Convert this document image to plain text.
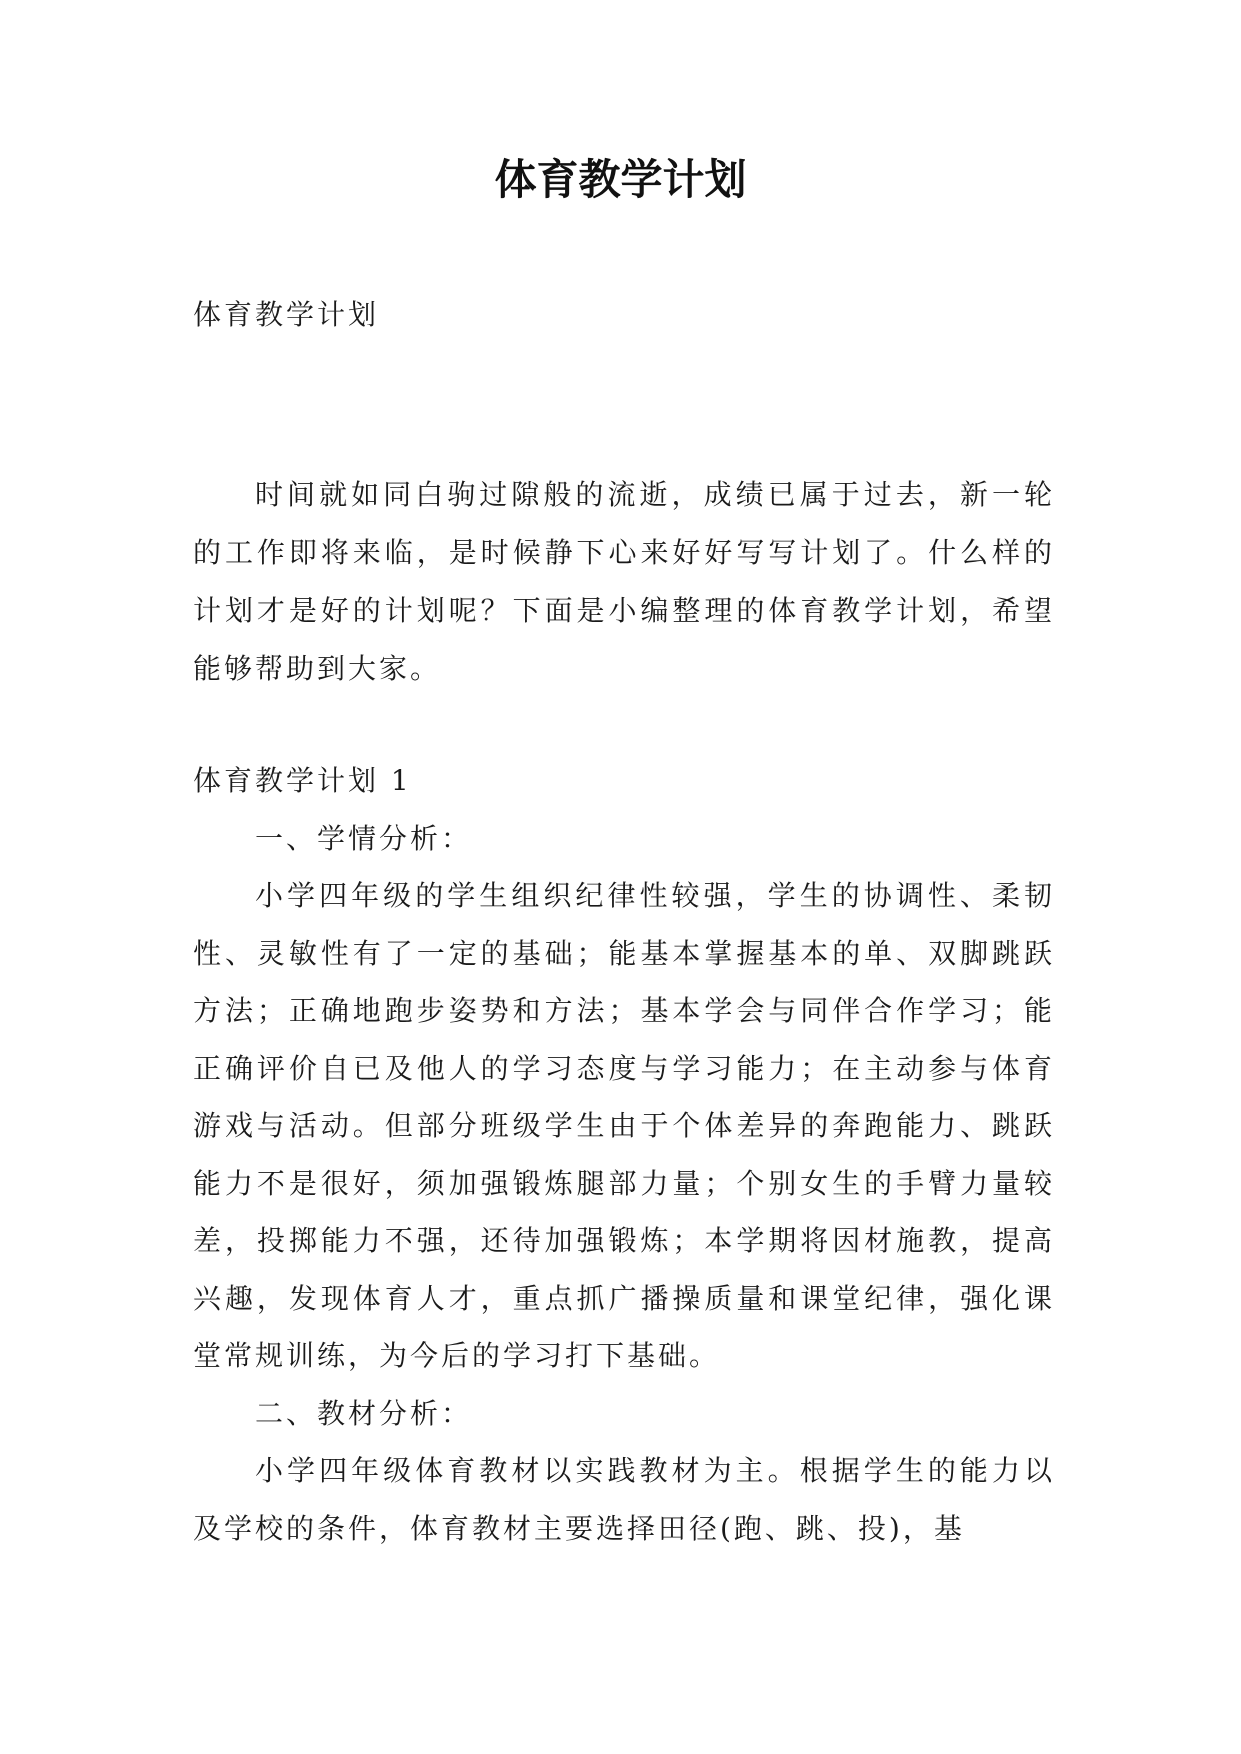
体育教学计划

体育教学计划

时间就如同白驹过隙般的流逝，成绩已属于过去，新一轮的工作即将来临，是时候静下心来好好写写计划了。什么样的计划才是好的计划呢？下面是小编整理的体育教学计划，希望能够帮助到大家。

体育教学计划 1

一、学情分析：

小学四年级的学生组织纪律性较强，学生的协调性、柔韧性、灵敏性有了一定的基础；能基本掌握基本的单、双脚跳跃方法；正确地跑步姿势和方法；基本学会与同伴合作学习；能正确评价自已及他人的学习态度与学习能力；在主动参与体育游戏与活动。但部分班级学生由于个体差异的奔跑能力、跳跃能力不是很好，须加强锻炼腿部力量；个别女生的手臂力量较差，投掷能力不强，还待加强锻炼；本学期将因材施教，提高兴趣，发现体育人才，重点抓广播操质量和课堂纪律，强化课堂常规训练，为今后的学习打下基础。

二、教材分析：

小学四年级体育教材以实践教材为主。根据学生的能力以及学校的条件，体育教材主要选择田径(跑、跳、投)，基
